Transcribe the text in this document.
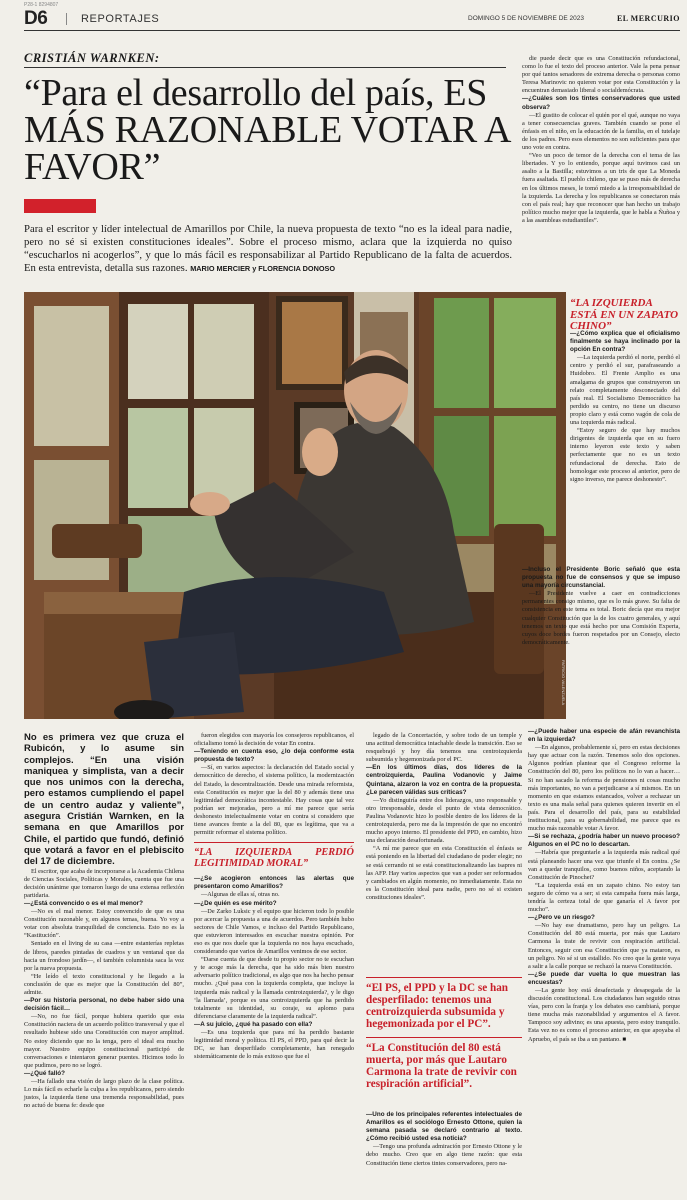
P28-1 8294807
D6	REPORTAJES	DOMINGO 5 DE NOVIEMBRE DE 2023	EL MERCURIO
CRISTIÁN WARNKEN:
“Para el desarrollo del país, ES MÁS RAZONABLE VOTAR A FAVOR”

Para el escritor y líder intelectual de Amarillos por Chile, la nueva propuesta de texto “no es la ideal para nadie, pero no sé si existen constituciones ideales”. Sobre el proceso mismo, aclara que la izquierda no quiso “escucharlos ni acogerlos”, y que lo más fácil es responsabilizar al Partido Republicano de la falta de acuerdos. En esta entrevista, detalla sus razones. MARIO MERCIER y FLORENCIA DONOSO

die puede decir que es una Constitución refundacional, como lo fue el texto del proceso anterior. Vale la pena pensar por qué tantos senadores de extrema derecha o personas como Teresa Marinovic no quieren votar por esta Constitución y la encuentran demasiado liberal o socialdemócrata.

—¿Cuáles son los tintes conservadores que usted observa?

—El gustito de colocar el quién por el qué, aunque no vaya a tener consecuencias graves. También cuando se pone el énfasis en el niño, en la educación de la familia, en el tutelaje de los padres. Pero esos elementos no son suficientes para que uno vote en contra.

“Veo un poco de temor de la derecha con el tema de las libertades. Y yo lo entiendo, porque aquí tuvimos casi un asalto a la Bastilla; estuvimos a un tris de que La Moneda fuera asaltada. El pueblo chileno, que se puso más de derecha en los últimos meses, le tomó miedo a la irresponsabilidad de la izquierda. La derecha y los republicanos se conectaron más con el país real; hay que reconocer que han hecho un trabajo político mucho mejor que la izquierda, que le habla a Ñuñoa y a las asambleas estudiantiles”.

PATRICIO VALENZUELA
“LA IZQUIERDA ESTÁ EN UN ZAPATO CHINO”

—¿Cómo explica que el oficialismo finalmente se haya inclinado por la opción En contra?

—La izquierda perdió el norte, perdió el centro y perdió el sur, parafraseando a Huidobro. El Frente Amplio es una amalgama de grupos que construyeron un relato completamente desconectado del país real. El Socialismo Democrático ha perdido su centro, no tiene un discurso propio claro y está como vagón de cola de una izquierda más radical.

“Estoy seguro de que hay muchos dirigentes de izquierda que en su fuero interno leyeron este texto y saben perfectamente que no es un texto refundacional de derecha. Esto de homologar este proceso al anterior, pero de signo inverso, me parece deshonesto”.

—Incluso el Presidente Boric señaló que esta propuesta no fue de consensos y que se impuso una mayoría circunstancial.

—El Presidente vuelve a caer en contradicciones permanentes consigo mismo, que es lo más grave. Su falta de consistencia en este tema es total. Boric decía que era mejor cualquier Constitución que la de los cuatro generales, y aquí tenemos un texto que está hecho por una Comisión Experta, cuyos doce bordes fueron respetados por un Consejo, electo democráticamente.

No es primera vez que cruza el Rubicón, y lo asume sin complejos. “En una visión maniquea y simplista, van a decir que nos unimos con la derecha, pero estamos cumpliendo el papel de un centro audaz y valiente”, asegura Cristián Warnken, en la semana en que Amarillos por Chile, el partido que fundó, definió que votará a favor en el plebiscito del 17 de diciembre.

El escritor, que acaba de incorporarse a la Academia Chilena de Ciencias Sociales, Políticas y Morales, cuenta que fue una decisión unánime que tomaron luego de una extensa reflexión partidaria.

—¿Está convencido o es el mal menor?

—No es el mal menor. Estoy convencido de que es una Constitución razonable y, en algunos temas, buena. Yo voy a votar con absoluta tranquilidad de conciencia. Esto no es la “Kastitución”.

Sentado en el living de su casa —entre estanterías repletas de libros, paredes pintadas de cuadros y un ventanal que da hacia un frondoso jardín—, el también columnista saca la voz por la nueva propuesta.

“He leído el texto constitucional y he llegado a la conclusión de que es mejor que la Constitución del 80”, admite.

—Por su historia personal, no debe haber sido una decisión fácil…

—No, no fue fácil, porque hubiera querido que esta Constitución naciera de un acuerdo político transversal y que el resultado hubiese sido una Constitución con mayor amplitud. No estoy diciendo que no la tenga, pero el ideal era mucho mayor. Nuestro equipo constitucional participó de conversaciones e intentaron generar puentes. Hicimos todo lo que pudimos, pero no se logró.

—¿Qué falló?

—Ha fallado una visión de largo plazo de la clase política. Lo más fácil es echarle la culpa a los republicanos, pero siendo justos, la izquierda tiene una tremenda responsabilidad, pues no actuó de buena fe: desde que

fueron elegidos con mayoría los consejeros republicanos, el oficialismo tomó la decisión de votar En contra.

—Teniendo en cuenta eso, ¿lo deja conforme esta propuesta de texto?

—Sí, en varios aspectos: la declaración del Estado social y democrático de derecho, el sistema político, la modernización del Estado, la descentralización. Desde una mirada reformista, esta Constitución es mejor que la del 80 y además tiene una legitimidad democrática incontestable. Hay cosas que tal vez podrían ser mejoradas, pero a mí me parece que sería deshonesto intelectualmente votar en contra si considero que tiene avances frente a la del 80, que es legítima, que va a permitir reformar el sistema político.

“LA IZQUIERDA PERDIÓ LEGITIMIDAD MORAL”

—¿Se acogieron entonces las alertas que presentaron como Amarillos?

—Algunas de ellas sí, otras no.

—¿De quién es ese mérito?

—De Zarko Luksic y el equipo que hicieron todo lo posible por acercar la propuesta a una de acuerdos. Pero también hubo sectores de Chile Vamos, e incluso del Partido Republicano, que estuvieron interesados en escuchar nuestra opinión. Por eso es que nos duele que la izquierda no nos haya escuchado, considerando que varios de Amarillos venimos de ese sector.

“Darse cuenta de que desde tu propio sector no te escuchan y te acoge más la derecha, que ha sido más bien nuestro adversario político tradicional, es algo que nos ha hecho pensar mucho. ¿Qué pasa con la izquierda completa, que incluye la izquierda más radical y la llamada centroizquierda?, y le digo ‘la llamada’, porque es una centroizquierda que ha perdido totalmente su identidad, su coraje, su aplomo para diferenciarse claramente de la izquierda radical”.

—A su juicio, ¿qué ha pasado con ella?

—Es una izquierda que para mí ha perdido bastante legitimidad moral y política. El PS, el PPD, para qué decir la DC, se han desperfilado completamente, han renegado sistemáticamente de lo más exitoso que fue el

legado de la Concertación, y sobre todo de un temple y una actitud democrática intachable desde la transición. Eso se resquebrajó y hoy día tenemos una centroizquierda subsumida y hegemonizada por el PC.

—En los últimos días, dos líderes de la centroizquierda, Paulina Vodanovic y Jaime Quintana, alzaron la voz en contra de la propuesta. ¿Le parecen válidas sus críticas?

—Yo distinguiría entre dos liderazgos, uno responsable y otro irresponsable, desde el punto de vista democrático. Paulina Vodanovic hizo lo posible dentro de los líderes de la centroizquierda, pero me da la impresión de que no encontró mucho apoyo interno. El presidente del PPD, en cambio, hizo una declaración desafortunada.

“A mí me parece que en esta Constitución el énfasis se está poniendo en la libertad del ciudadano de poder elegir; no se está cerrando ni se está constitucionalizando las isapres ni las AFP. Hay varios aspectos que van a poder ser reformados y cambiados en algún momento, no inmediatamente. Esta no es la Constitución ideal para nadie, pero no sé si existen constituciones ideales”.

“El PS, el PPD y la DC se han desperfilado: tenemos una centroizquierda subsumida y hegemonizada por el PC”.
“La Constitución del 80 está muerta, por más que Lautaro Carmona la trate de revivir con respiración artificial”.

—Uno de los principales referentes intelectuales de Amarillos es el sociólogo Ernesto Ottone, quien la semana pasada se declaró contrario al texto. ¿Cómo recibió usted esa noticia?

—Tengo una profunda admiración por Ernesto Ottone y le debo mucho. Creo que en algo tiene razón: que esta Constitución tiene ciertos tintes conservadores, pero na-

—¿Puede haber una especie de afán revanchista en la izquierda?

—En algunos, probablemente sí, pero en estas decisiones hay que actuar con la razón. Tenemos solo dos opciones. Algunos podrían plantear que el Congreso reforme la Constitución del 80, pero los políticos no lo van a hacer… Si no han sacado la reforma de pensiones ni cosas mucho más importantes, no van a perjudicarse a sí mismos. En un momento en que estamos estancados, volver a rechazar un texto es una mala señal para quienes quieren invertir en el país. Para el desarrollo del país, para su estabilidad institucional, para su gobernabilidad, me parece que es mucho más razonable votar A favor.

—Si se rechaza, ¿podría haber un nuevo proceso? Algunos en el PC no lo descartan.

—Habría que preguntarle a la izquierda más radical qué está planeando hacer una vez que triunfe el En contra. ¿Se van a quedar tranquilos, como buenos niños, aceptando la Constitución de Pinochet?

“La izquierda está en un zapato chino. No estoy tan seguro de cómo va a ser; si esta campaña fuera más larga, tendría la certeza total de que ganaría el A favor por mucho”.

—¿Pero ve un riesgo?

—No hay ese dramatismo, pero hay un peligro. La Constitución del 80 está muerta, por más que Lautaro Carmona la trate de revivir con respiración artificial. Entonces, seguir con esa Constitución que ya mataron, es un peligro. No sé si un estallido. No creo que la gente vaya a salir a la calle porque se rechazó la nueva Constitución.

—¿Se puede dar vuelta lo que muestran las encuestas?

—La gente hoy está desafectada y desapegada de la discusión constitucional. Los ciudadanos han seguido otras vías, pero con la franja y los debates eso cambiará, porque tiene mucha más razonabilidad y argumentos el A favor. Tampoco soy adivino; es una apuesta, pero estoy tranquilo. Esta vez no es como el proceso anterior, en que apoyaba el Apruebo, el país se iba a un pantano. ■
